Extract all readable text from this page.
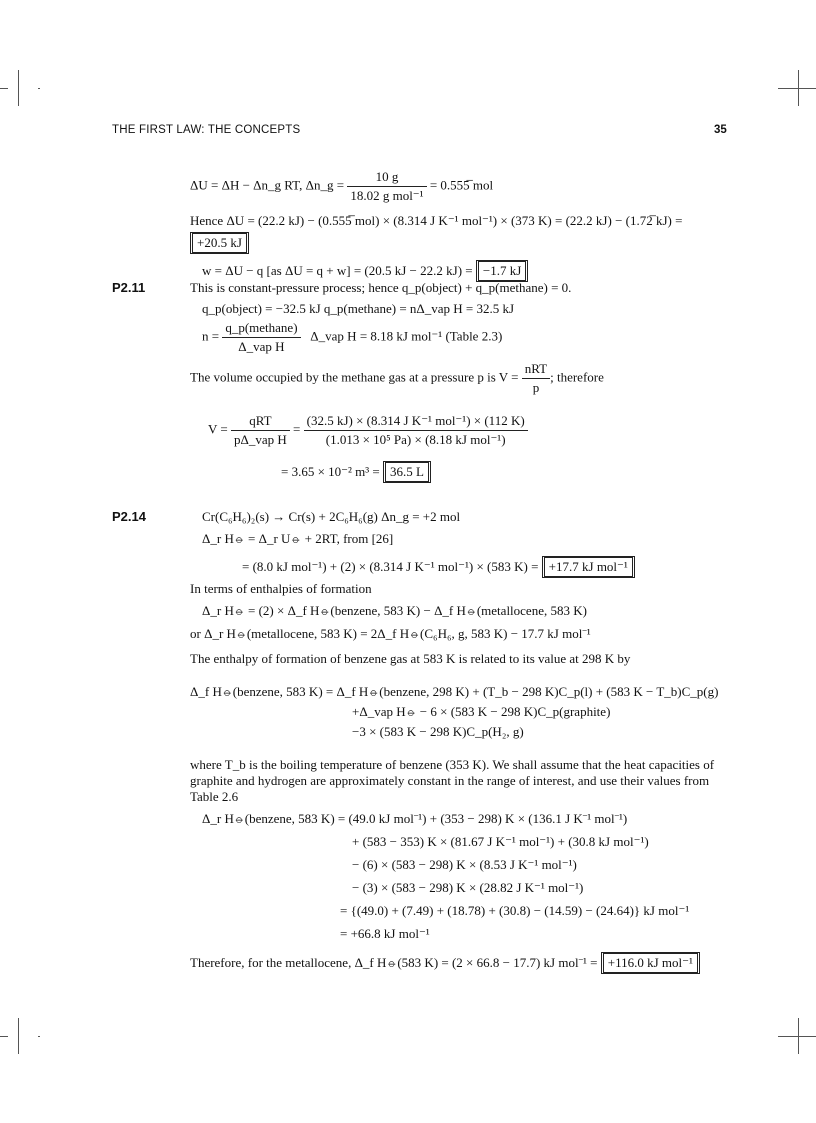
THE FIRST LAW: THE CONCEPTS	35
ΔU = ΔH − Δn_g RT, Δn_g = $\frac{10 g}{\text{18.02 g mol⁻¹}}$ = 0.555̅ mol
Hence ΔU = (22.2 kJ) − (0.555̅ mol) × (8.314 J K⁻¹ mol⁻¹) × (373 K) = (22.2 kJ) − (1.72̅ kJ) =
+20.5 kJ
w = ΔU − q [as ΔU = q + w] = (20.5 kJ − 22.2 kJ) = −1.7 kJ
P2.11	This is constant-pressure process; hence q_p(object) + q_p(methane) = 0.
q_p(object) = −32.5 kJ q_p(methane) = nΔ_vap H = 32.5 kJ
$n = \frac{\text{q\_p(methane)}}{\text{Δ\_vap H}}$ Δ_vap H = 8.18 kJ mol⁻¹ (Table 2.3)
The volume occupied by the methane gas at a pressure p is $V = \frac{\text{nRT}}{p}$ ; therefore
$V = \frac{\text{qRT}}{\text{pΔ\_vap H}} = \frac{\text{(32.5 kJ) × (8.314 J K⁻¹ mol⁻¹) × (112 K)}}{\text{(1.013 × 10⁵ Pa) × (8.18 kJ mol⁻¹)}}$
= 3.65 × 10⁻² m³ = 36.5 L
P2.14	Cr(C₆H₆)₂(s) → Cr(s) + 2C₆H₆(g) Δn_g = +2 mol
Δ_r H⦵ = Δ_r U⦵ + 2RT, from [26]
= (8.0 kJ mol⁻¹) + (2) × (8.314 J K⁻¹ mol⁻¹) × (583 K) = +17.7 kJ mol⁻¹
In terms of enthalpies of formation
Δ_r H⦵ = (2) × Δ_f H⦵(benzene, 583 K) − Δ_f H⦵(metallocene, 583 K)
or Δ_r H⦵(metallocene, 583 K) = 2Δ_f H⦵(C₆H₆, g, 583 K) − 17.7 kJ mol⁻¹
The enthalpy of formation of benzene gas at 583 K is related to its value at 298 K by
Δ_f H⦵(benzene, 583 K) = Δ_f H⦵(benzene, 298 K) + (T_b − 298 K)C_p(l) + (583 K − T_b)C_p(g)
+Δ_vap H⦵ − 6 × (583 K − 298 K)C_p(graphite)
−3 × (583 K − 298 K)C_p(H₂, g)
where T_b is the boiling temperature of benzene (353 K). We shall assume that the heat capacities of graphite and hydrogen are approximately constant in the range of interest, and use their values from Table 2.6
Δ_r H⦵(benzene, 583 K) = (49.0 kJ mol⁻¹) + (353 − 298) K × (136.1 J K⁻¹ mol⁻¹)
+ (583 − 353) K × (81.67 J K⁻¹ mol⁻¹) + (30.8 kJ mol⁻¹)
− (6) × (583 − 298) K × (8.53 J K⁻¹ mol⁻¹)
− (3) × (583 − 298) K × (28.82 J K⁻¹ mol⁻¹)
= {(49.0) + (7.49) + (18.78) + (30.8) − (14.59) − (24.64)} kJ mol⁻¹
= +66.8 kJ mol⁻¹
Therefore, for the metallocene, Δ_f H⦵(583 K) = (2 × 66.8 − 17.7) kJ mol⁻¹ = +116.0 kJ mol⁻¹
